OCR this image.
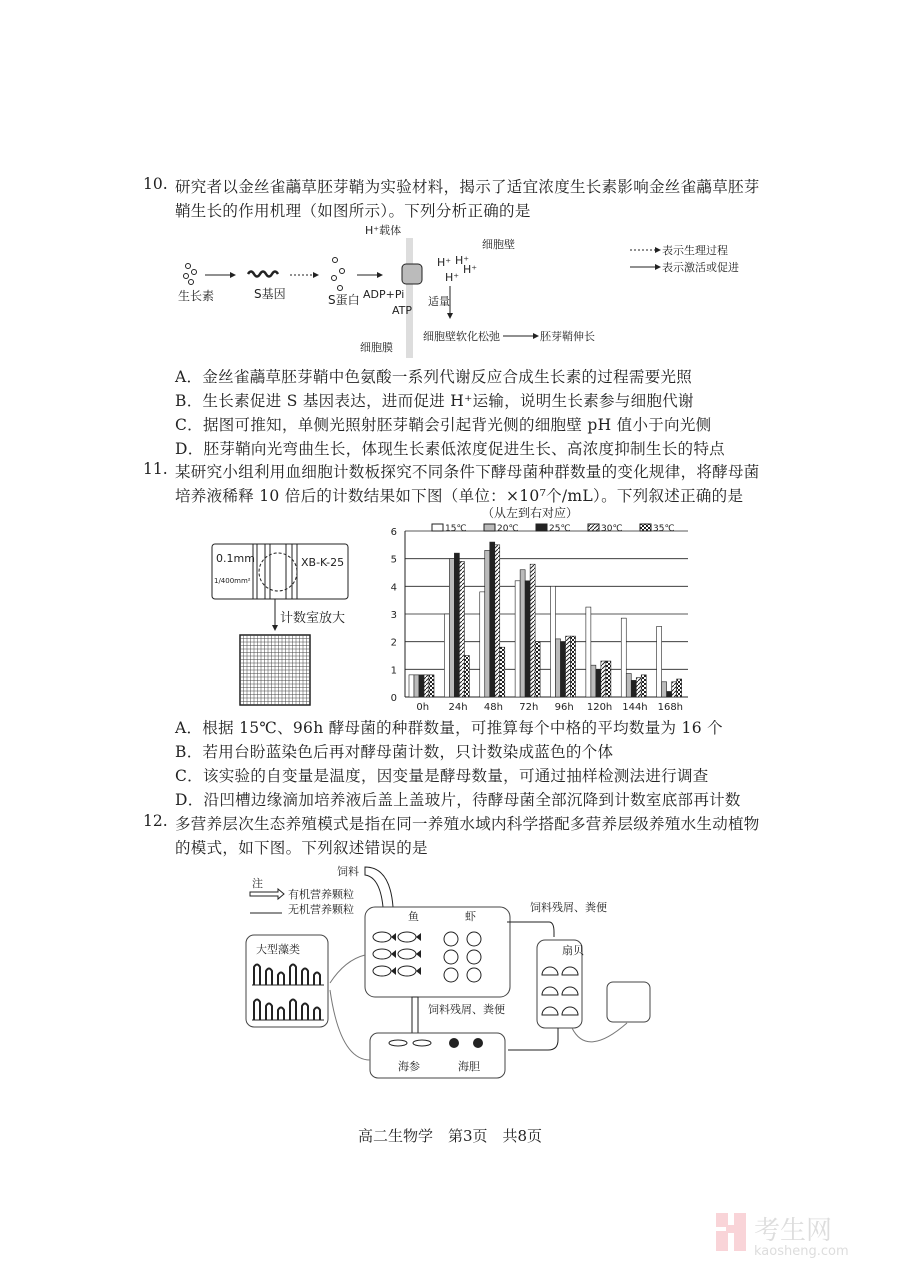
10. 研究者以金丝雀虉草胚芽鞘为实验材料，揭示了适宜浓度生长素影响金丝雀虉草胚芽
鞘生长的作用机理（如图所示）。下列分析正确的是
生长素	S基因	S蛋白
H⁺载体
ADP+Pi
ATP
H⁺ H⁺
H⁺
H⁺
细胞壁
适量
细胞壁软化松弛	胚芽鞘伸长
细胞膜
表示生理过程
表示激活或促进
A．金丝雀虉草胚芽鞘中色氨酸一系列代谢反应合成生长素的过程需要光照
B．生长素促进 S 基因表达，进而促进 H⁺运输，说明生长素参与细胞代谢
C．据图可推知，单侧光照射胚芽鞘会引起背光侧的细胞壁 pH 值小于向光侧
D．胚芽鞘向光弯曲生长，体现生长素低浓度促进生长、高浓度抑制生长的特点
11. 某研究小组利用血细胞计数板探究不同条件下酵母菌种群数量的变化规律，将酵母菌
培养液稀释 10 倍后的计数结果如下图（单位：×10⁷个/mL）。下列叙述正确的是
0.1mm
1/400mm²
XB-K-25
计数室放大
（从左到右对应）
15℃	20℃	25℃	30℃	35℃
0
1
2
3
4
5
6
0h 24h 48h 72h 96h 120h 144h 168h
A．根据 15℃、96h 酵母菌的种群数量，可推算每个中格的平均数量为 16 个
B．若用台盼蓝染色后再对酵母菌计数，只计数染成蓝色的个体
C．该实验的自变量是温度，因变量是酵母数量，可通过抽样检测法进行调查
D．沿凹槽边缘滴加培养液后盖上盖玻片，待酵母菌全部沉降到计数室底部再计数
12. 多营养层次生态养殖模式是指在同一养殖水域内科学搭配多营养层级养殖水生动植物
的模式，如下图。下列叙述错误的是
饲料
注
有机营养颗粒
无机营养颗粒
鱼	虾
大型藻类
饲料残屑、粪便
扇贝
饲料残屑、粪便
海参	海胆
高二生物学　第3页　共8页
考生网
kaosheng.com
